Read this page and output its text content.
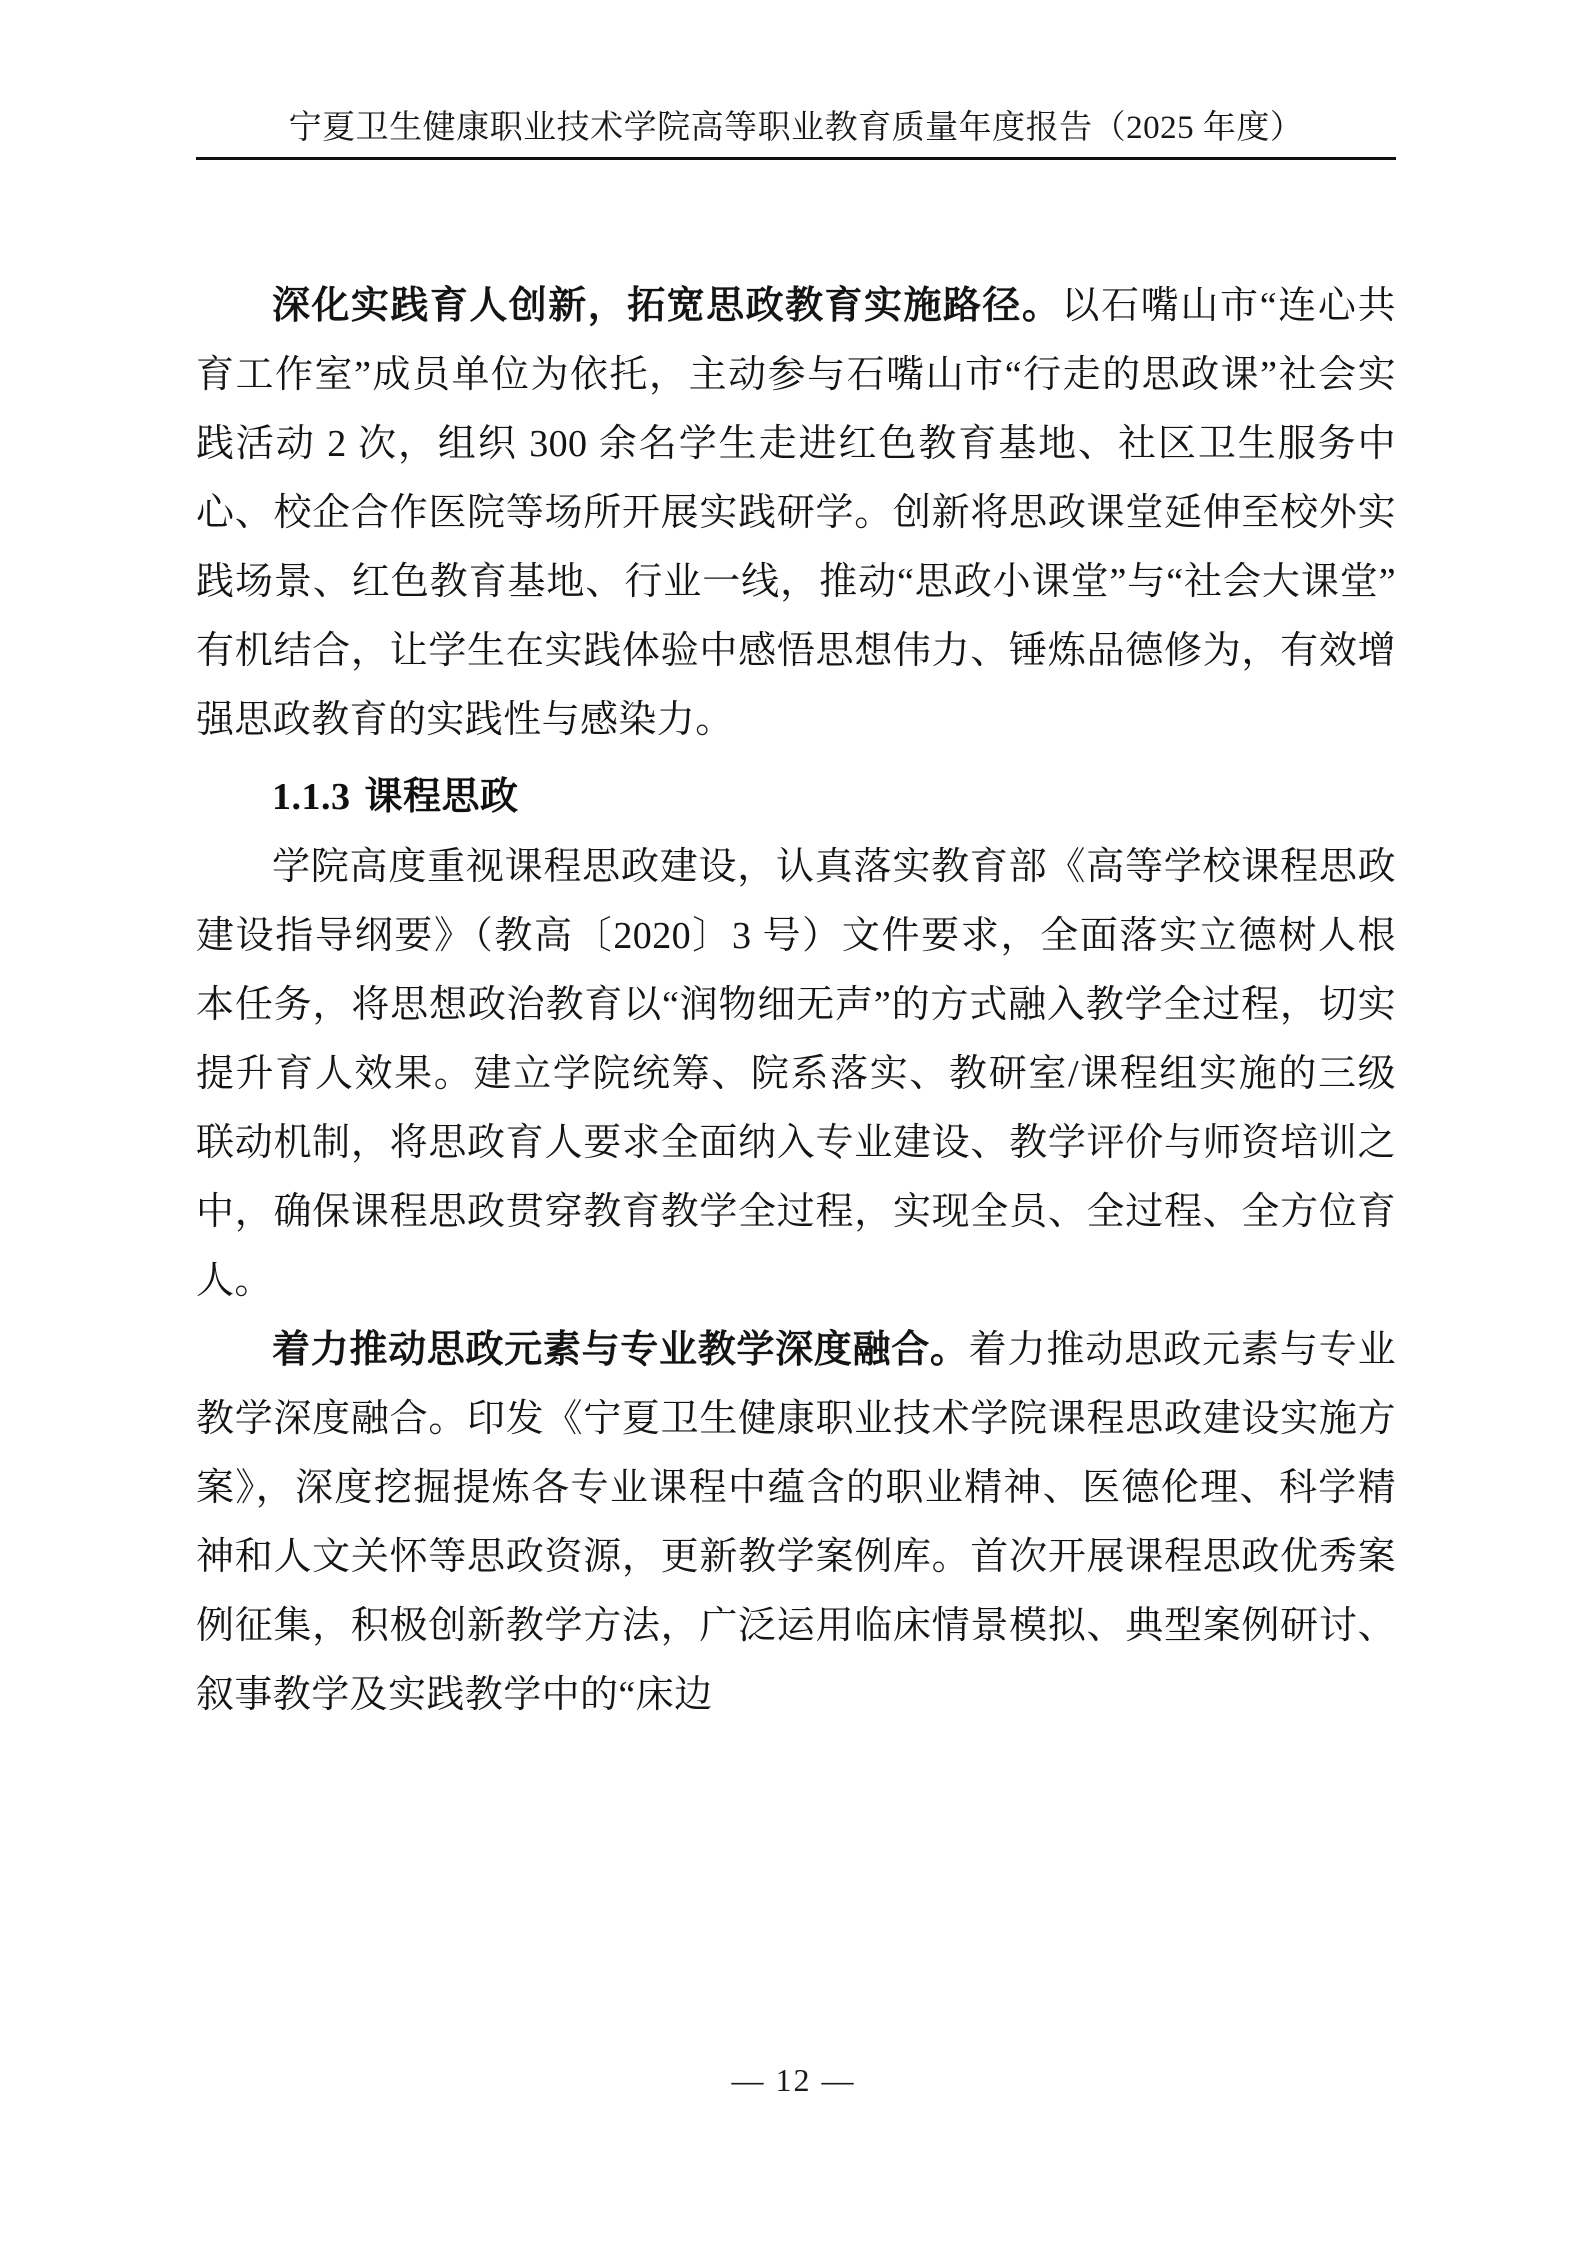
宁夏卫生健康职业技术学院高等职业教育质量年度报告（2025 年度）

深化实践育人创新，拓宽思政教育实施路径。以石嘴山市“连心共育工作室”成员单位为依托，主动参与石嘴山市“行走的思政课”社会实践活动 2 次，组织 300 余名学生走进红色教育基地、社区卫生服务中心、校企合作医院等场所开展实践研学。创新将思政课堂延伸至校外实践场景、红色教育基地、行业一线，推动“思政小课堂”与“社会大课堂”有机结合，让学生在实践体验中感悟思想伟力、锤炼品德修为，有效增强思政教育的实践性与感染力。

1.1.3 课程思政

学院高度重视课程思政建设，认真落实教育部《高等学校课程思政建设指导纲要》（教高〔2020〕3 号）文件要求，全面落实立德树人根本任务，将思想政治教育以“润物细无声”的方式融入教学全过程，切实提升育人效果。建立学院统筹、院系落实、教研室/课程组实施的三级联动机制，将思政育人要求全面纳入专业建设、教学评价与师资培训之中，确保课程思政贯穿教育教学全过程，实现全员、全过程、全方位育人。

着力推动思政元素与专业教学深度融合。着力推动思政元素与专业教学深度融合。印发《宁夏卫生健康职业技术学院课程思政建设实施方案》，深度挖掘提炼各专业课程中蕴含的职业精神、医德伦理、科学精神和人文关怀等思政资源，更新教学案例库。首次开展课程思政优秀案例征集，积极创新教学方法，广泛运用临床情景模拟、典型案例研讨、叙事教学及实践教学中的“床边

— 12 —
